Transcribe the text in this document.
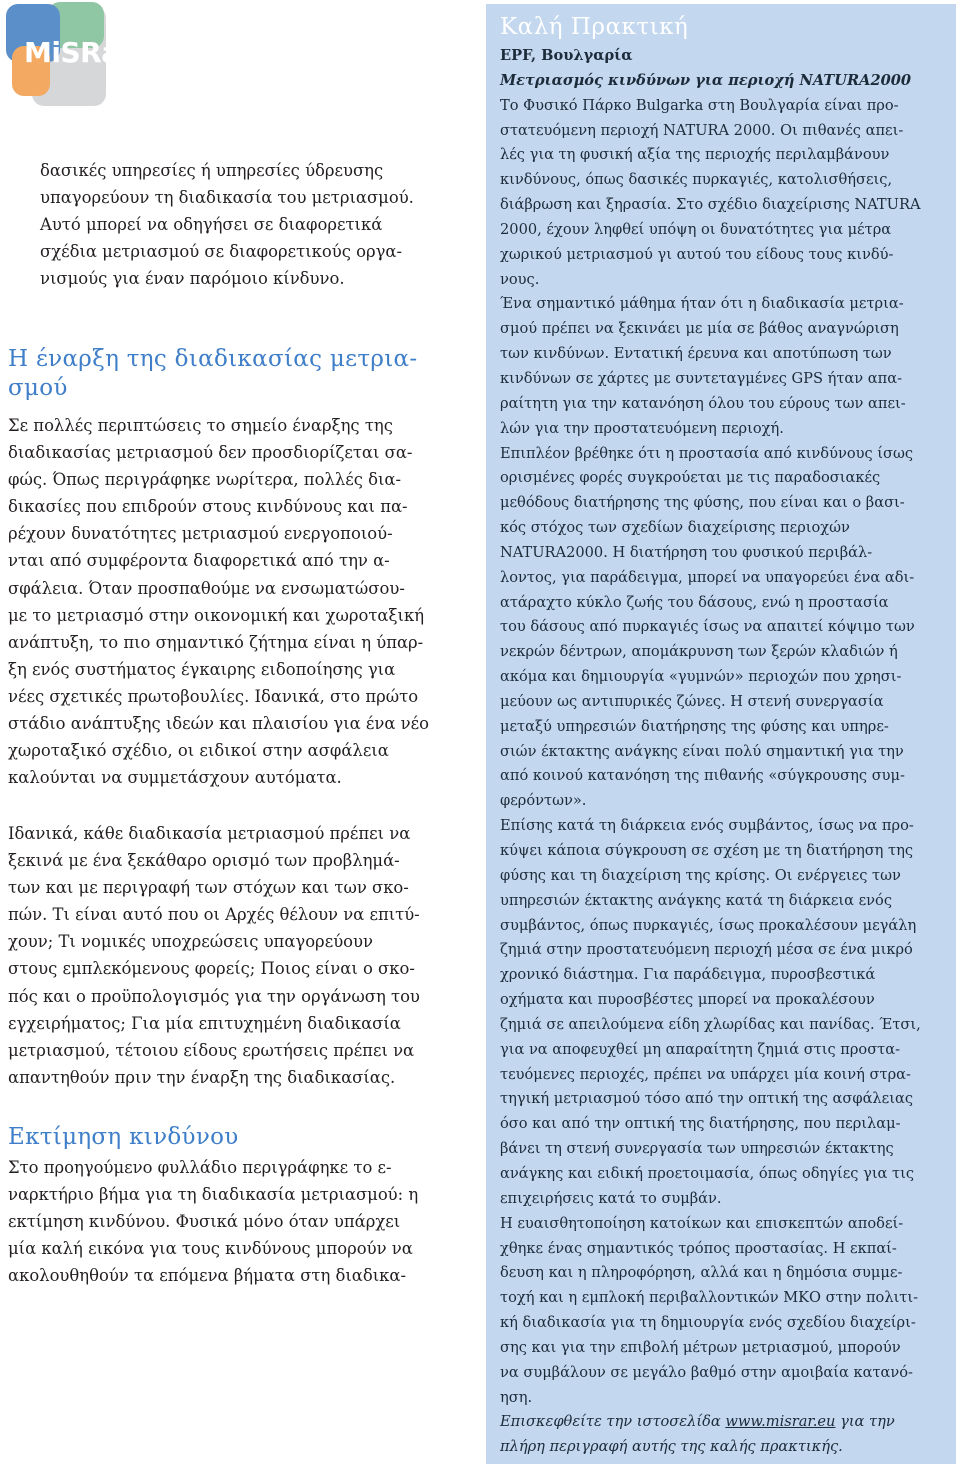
MiSRaR

δασικές υπηρεσίες ή υπηρεσίες ύδρευσης
υπαγορεύουν τη διαδικασία του μετριασμού.
Αυτό μπορεί να οδηγήσει σε διαφορετικά
σχέδια μετριασμού σε διαφορετικούς οργα-
νισμούς για έναν παρόμοιο κίνδυνο.

Η έναρξη της διαδικασίας μετρια-
σμού

Σε πολλές περιπτώσεις το σημείο έναρξης της
διαδικασίας μετριασμού δεν προσδιορίζεται σα-
φώς. Όπως περιγράφηκε νωρίτερα, πολλές δια-
δικασίες που επιδρούν στους κινδύνους και πα-
ρέχουν δυνατότητες μετριασμού ενεργοποιού-
νται από συμφέροντα διαφορετικά από την α-
σφάλεια. Όταν προσπαθούμε να ενσωματώσου-
με το μετριασμό στην οικονομική και χωροταξική
ανάπτυξη, το πιο σημαντικό ζήτημα είναι η ύπαρ-
ξη ενός συστήματος έγκαιρης ειδοποίησης για
νέες σχετικές πρωτοβουλίες. Ιδανικά, στο πρώτο
στάδιο ανάπτυξης ιδεών και πλαισίου για ένα νέο
χωροταξικό σχέδιο, οι ειδικοί στην ασφάλεια
καλούνται να συμμετάσχουν αυτόματα.

Ιδανικά, κάθε διαδικασία μετριασμού πρέπει να
ξεκινά με ένα ξεκάθαρο ορισμό των προβλημά-
των και με περιγραφή των στόχων και των σκο-
πών. Τι είναι αυτό που οι Αρχές θέλουν να επιτύ-
χουν; Τι νομικές υποχρεώσεις υπαγορεύουν
στους εμπλεκόμενους φορείς; Ποιος είναι ο σκο-
πός και ο προϋπολογισμός για την οργάνωση του
εγχειρήματος; Για μία επιτυχημένη διαδικασία
μετριασμού, τέτοιου είδους ερωτήσεις πρέπει να
απαντηθούν πριν την έναρξη της διαδικασίας.

Εκτίμηση κινδύνου

Στο προηγούμενο φυλλάδιο περιγράφηκε το ε-
ναρκτήριο βήμα για τη διαδικασία μετριασμού: η
εκτίμηση κινδύνου. Φυσικά μόνο όταν υπάρχει
μία καλή εικόνα για τους κινδύνους μπορούν να
ακολουθηθούν τα επόμενα βήματα στη διαδικα-

Καλή Πρακτική
EPF, Βουλγαρία
Μετριασμός κινδύνων για περιοχή NATURA2000
Το Φυσικό Πάρκο Bulgarka στη Βουλγαρία είναι προ-
στατευόμενη περιοχή NATURA 2000. Οι πιθανές απει-
λές για τη φυσική αξία της περιοχής περιλαμβάνουν
κινδύνους, όπως δασικές πυρκαγιές, κατολισθήσεις,
διάβρωση και ξηρασία. Στο σχέδιο διαχείρισης NATURA
2000, έχουν ληφθεί υπόψη οι δυνατότητες για μέτρα
χωρικού μετριασμού γι αυτού του είδους τους κινδύ-
νους.
Ένα σημαντικό μάθημα ήταν ότι η διαδικασία μετρια-
σμού πρέπει να ξεκινάει με μία σε βάθος αναγνώριση
των κινδύνων. Εντατική έρευνα και αποτύπωση των
κινδύνων σε χάρτες με συντεταγμένες GPS ήταν απα-
ραίτητη για την κατανόηση όλου του εύρους των απει-
λών για την προστατευόμενη περιοχή.
Επιπλέον βρέθηκε ότι η προστασία από κινδύνους ίσως
ορισμένες φορές συγκρούεται με τις παραδοσιακές
μεθόδους διατήρησης της φύσης, που είναι και ο βασι-
κός στόχος των σχεδίων διαχείρισης περιοχών
NATURA2000. Η διατήρηση του φυσικού περιβάλ-
λοντος, για παράδειγμα, μπορεί να υπαγορεύει ένα αδι-
ατάραχτο κύκλο ζωής του δάσους, ενώ η προστασία
του δάσους από πυρκαγιές ίσως να απαιτεί κόψιμο των
νεκρών δέντρων, απομάκρυνση των ξερών κλαδιών ή
ακόμα και δημιουργία «γυμνών» περιοχών που χρησι-
μεύουν ως αντιπυρικές ζώνες. Η στενή συνεργασία
μεταξύ υπηρεσιών διατήρησης της φύσης και υπηρε-
σιών έκτακτης ανάγκης είναι πολύ σημαντική για την
από κοινού κατανόηση της πιθανής «σύγκρουσης συμ-
φερόντων».
Επίσης κατά τη διάρκεια ενός συμβάντος, ίσως να προ-
κύψει κάποια σύγκρουση σε σχέση με τη διατήρηση της
φύσης και τη διαχείριση της κρίσης. Οι ενέργειες των
υπηρεσιών έκτακτης ανάγκης κατά τη διάρκεια ενός
συμβάντος, όπως πυρκαγιές, ίσως προκαλέσουν μεγάλη
ζημιά στην προστατευόμενη περιοχή μέσα σε ένα μικρό
χρονικό διάστημα. Για παράδειγμα, πυροσβεστικά
οχήματα και πυροσβέστες μπορεί να προκαλέσουν
ζημιά σε απειλούμενα είδη χλωρίδας και πανίδας. Έτσι,
για να αποφευχθεί μη απαραίτητη ζημιά στις προστα-
τευόμενες περιοχές, πρέπει να υπάρχει μία κοινή στρα-
τηγική μετριασμού τόσο από την οπτική της ασφάλειας
όσο και από την οπτική της διατήρησης, που περιλαμ-
βάνει τη στενή συνεργασία των υπηρεσιών έκτακτης
ανάγκης και ειδική προετοιμασία, όπως οδηγίες για τις
επιχειρήσεις κατά το συμβάν.
Η ευαισθητοποίηση κατοίκων και επισκεπτών αποδεί-
χθηκε ένας σημαντικός τρόπος προστασίας. Η εκπαί-
δευση και η πληροφόρηση, αλλά και η δημόσια συμμε-
τοχή και η εμπλοκή περιβαλλοντικών ΜΚΟ στην πολιτι-
κή διαδικασία για τη δημιουργία ενός σχεδίου διαχείρι-
σης και για την επιβολή μέτρων μετριασμού, μπορούν
να συμβάλουν σε μεγάλο βαθμό στην αμοιβαία κατανό-
ηση.
Επισκεφθείτε την ιστοσελίδα www.misrar.eu για την
πλήρη περιγραφή αυτής της καλής πρακτικής.
